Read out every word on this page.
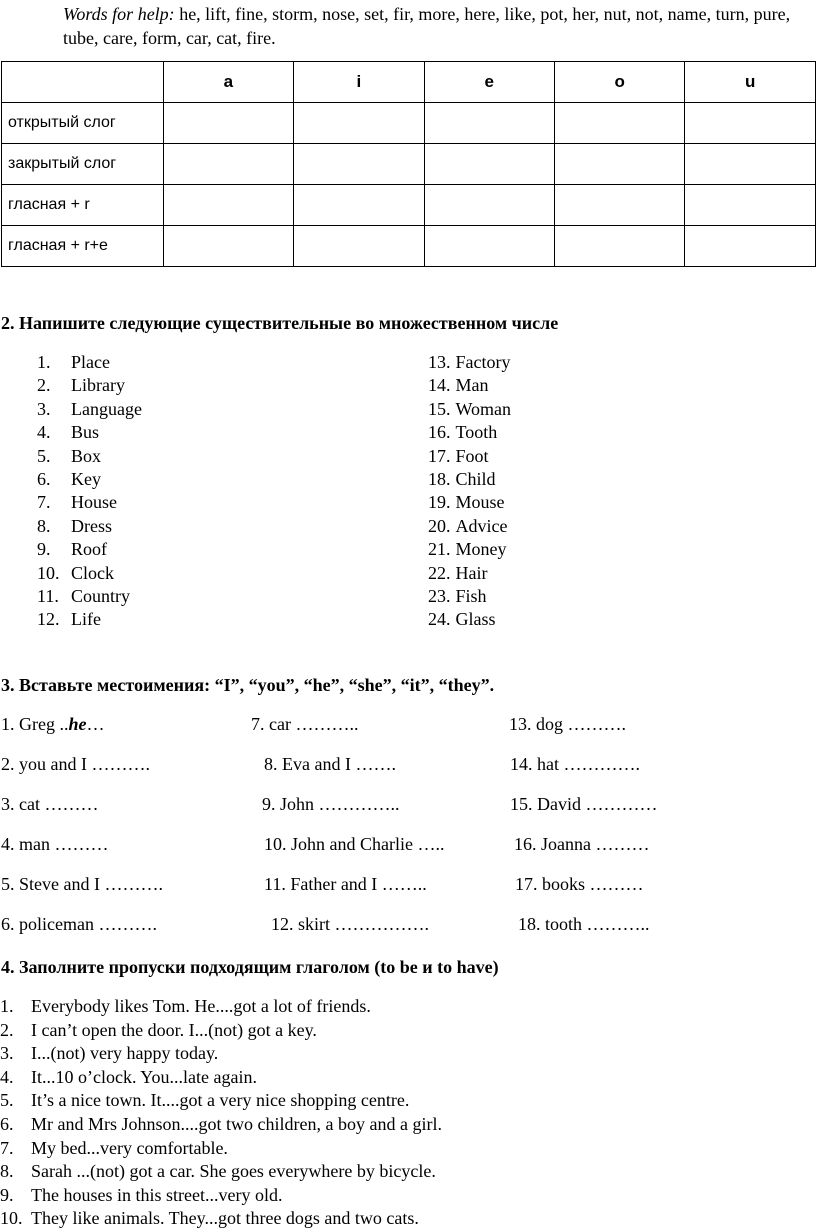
Words for help: he, lift, fine, storm, nose, set, fir, more, here, like, pot, her, nut, not, name, turn, pure, tube, care, form, car, cat, fire.
	a	i	e	o	u
открытый слог					
закрытый слог					
гласная + r					
гласная + r+e					
2. Напишите следующие существительные во множественном числе
1.	Place
2.	Library
3.	Language
4.	Bus
5.	Box
6.	Key
7.	House
8.	Dress
9.	Roof
10. Clock
11. Country
12. Life
13. Factory
14. Man
15. Woman
16. Tooth
17. Foot
18. Child
19. Mouse
20. Advice
21. Money
22. Hair
23. Fish
24. Glass
3. Вставьте местоимения: “I”, “you”, “he”, “she”, “it”, “they”.
1. Greg ..he…	7. car ………..	13. dog ……….
2. you and I ……….	8. Eva and I …….	14. hat ………….
3. cat ………	9. John …………..	15. David …………
4. man ………	10. John and Charlie …..	16. Joanna ………
5. Steve and I ……….	11. Father and I ……..	17. books ………
6. policeman ……….	12. skirt …………….	18. tooth ………..
4. Заполните пропуски подходящим глаголом (to be и to have)
1. Everybody likes Tom. He....got a lot of friends.
2. I can’t open the door. I...(not) got a key.
3. I...(not) very happy today.
4. It...10 o’clock. You...late again.
5. It’s a nice town. It....got a very nice shopping centre.
6. Mr and Mrs Johnson....got two children, a boy and a girl.
7. My bed...very comfortable.
8. Sarah ...(not) got a car. She goes everywhere by bicycle.
9. The houses in this street...very old.
10. They like animals. They...got three dogs and two cats.
